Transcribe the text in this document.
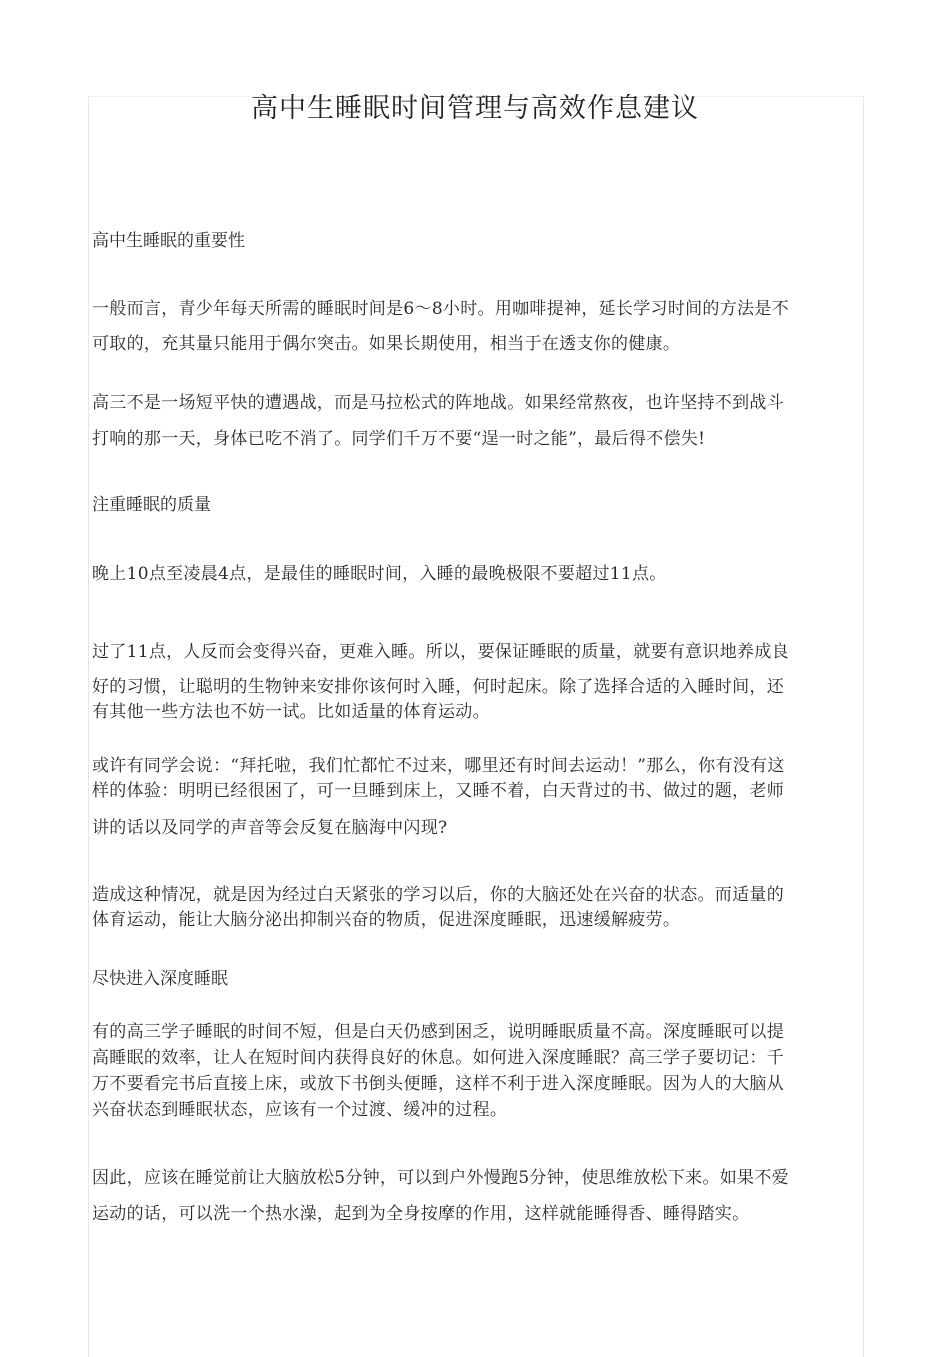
高中生睡眠时间管理与高效作息建议
高中生睡眠的重要性
一般而言，青少年每天所需的睡眠时间是6～8小时。用咖啡提神，延长学习时间的方法是不
可取的，充其量只能用于偶尔突击。如果长期使用，相当于在透支你的健康。
高三不是一场短平快的遭遇战，而是马拉松式的阵地战。如果经常熬夜，也许坚持不到战斗
打响的那一天，身体已吃不消了。同学们千万不要“逞一时之能”，最后得不偿失!
注重睡眠的质量
晚上10点至凌晨4点，是最佳的睡眠时间，入睡的最晚极限不要超过11点。
过了11点，人反而会变得兴奋，更难入睡。所以，要保证睡眠的质量，就要有意识地养成良
好的习惯，让聪明的生物钟来安排你该何时入睡，何时起床。除了选择合适的入睡时间，还
有其他一些方法也不妨一试。比如适量的体育运动。
或许有同学会说：“拜托啦，我们忙都忙不过来，哪里还有时间去运动！”那么，你有没有这
样的体验：明明已经很困了，可一旦睡到床上，又睡不着，白天背过的书、做过的题，老师
讲的话以及同学的声音等会反复在脑海中闪现?
造成这种情况，就是因为经过白天紧张的学习以后，你的大脑还处在兴奋的状态。而适量的
体育运动，能让大脑分泌出抑制兴奋的物质，促进深度睡眠，迅速缓解疲劳。
尽快进入深度睡眠
有的高三学子睡眠的时间不短，但是白天仍感到困乏，说明睡眠质量不高。深度睡眠可以提
高睡眠的效率，让人在短时间内获得良好的休息。如何进入深度睡眠？高三学子要切记：千
万不要看完书后直接上床，或放下书倒头便睡，这样不利于进入深度睡眠。因为人的大脑从
兴奋状态到睡眠状态，应该有一个过渡、缓冲的过程。
因此，应该在睡觉前让大脑放松5分钟，可以到户外慢跑5分钟，使思维放松下来。如果不爱
运动的话，可以洗一个热水澡，起到为全身按摩的作用，这样就能睡得香、睡得踏实。
